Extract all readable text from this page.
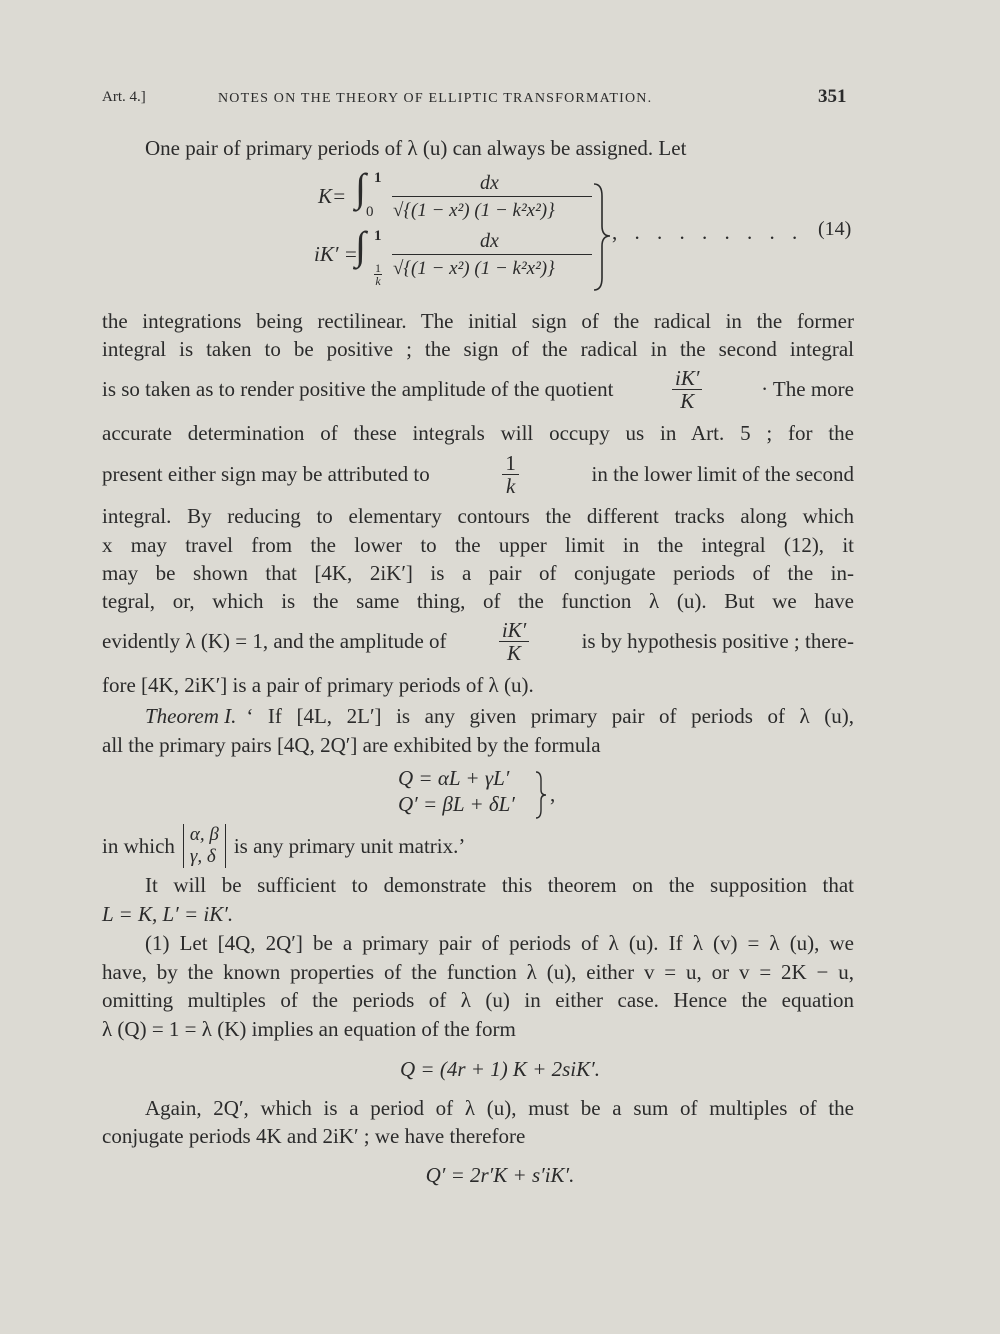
Art. 4.]	NOTES ON THE THEORY OF ELLIPTIC TRANSFORMATION.	351
One pair of primary periods of λ (u) can always be assigned. Let
K= ∫ 1
0
dx
√{(1 − x²) (1 − k²x²)}
iK′ =
∫ 1
$\frac{1}{k}$
dx
√{(1 − x²) (1 − k²x²)}
, . . . . . . . . (14)
the integrations being rectilinear. The initial sign of the radical in the former
integral is taken to be positive ; the sign of the radical in the second integral
is so taken as to render positive the amplitude of the quotient	$\frac{iK'}{K}$	· The more
accurate determination of these integrals will occupy us in Art. 5 ; for the
present either sign may be attributed to	$\frac{1}{k}$	in the lower limit of the second
integral. By reducing to elementary contours the different tracks along which
x may travel from the lower to the upper limit in the integral (12), it
may be shown that [4K, 2iK′] is a pair of conjugate periods of the in-
tegral, or, which is the same thing, of the function λ (u). But we have
evidently λ (K) = 1, and the amplitude of $\frac{iK'}{K}$ is by hypothesis positive ; there-
fore [4K, 2iK′] is a pair of primary periods of λ (u).
Theorem I. ‘ If [4L, 2L′] is any given primary pair of periods of λ (u),
all the primary pairs [4Q, 2Q′] are exhibited by the formula
Q = αL + γL′
Q′ = βL + δL′ ,
in which α, β
γ, δ is any primary unit matrix.’
It will be sufficient to demonstrate this theorem on the supposition that
L = K, L′ = iK′.
(1) Let [4Q, 2Q′] be a primary pair of periods of λ (u). If λ (v) = λ (u), we
have, by the known properties of the function λ (u), either v = u, or v = 2K − u,
omitting multiples of the periods of λ (u) in either case. Hence the equation
λ (Q) = 1 = λ (K) implies an equation of the form
Q = (4r + 1) K + 2siK′.
Again, 2Q′, which is a period of λ (u), must be a sum of multiples of the
conjugate periods 4K and 2iK′ ; we have therefore
Q′ = 2r′K + s′iK′.
